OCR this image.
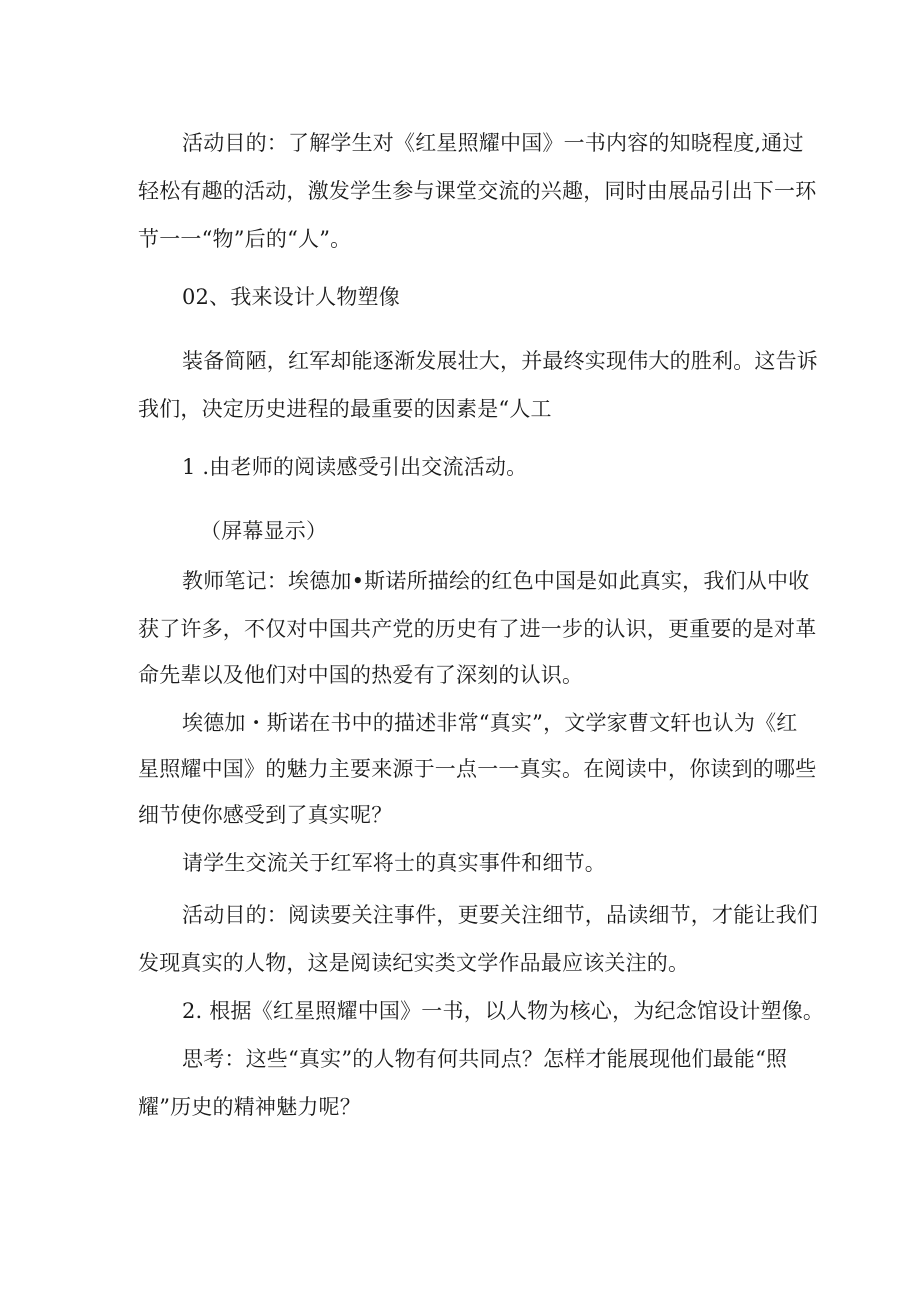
活动目的：了解学生对《红星照耀中国》一书内容的知晓程度,通过
轻松有趣的活动，激发学生参与课堂交流的兴趣，同时由展品引出下一环
节一一“物”后的“人”。
02、我来设计人物塑像
装备简陋，红军却能逐渐发展壮大，并最终实现伟大的胜利。这告诉
我们，决定历史进程的最重要的因素是“人工
1 .由老师的阅读感受引出交流活动。
（屏幕显示）
教师笔记：埃德加•斯诺所描绘的红色中国是如此真实，我们从中收
获了许多，不仅对中国共产党的历史有了进一步的认识，更重要的是对革
命先辈以及他们对中国的热爱有了深刻的认识。
埃德加・斯诺在书中的描述非常“真实”，文学家曹文轩也认为《红
星照耀中国》的魅力主要来源于一点一一真实。在阅读中，你读到的哪些
细节使你感受到了真实呢？
请学生交流关于红军将士的真实事件和细节。
活动目的：阅读要关注事件，更要关注细节，品读细节，才能让我们
发现真实的人物，这是阅读纪实类文学作品最应该关注的。
2. 根据《红星照耀中国》一书，以人物为核心，为纪念馆设计塑像。
思考：这些“真实”的人物有何共同点？怎样才能展现他们最能“照
耀”历史的精神魅力呢？
